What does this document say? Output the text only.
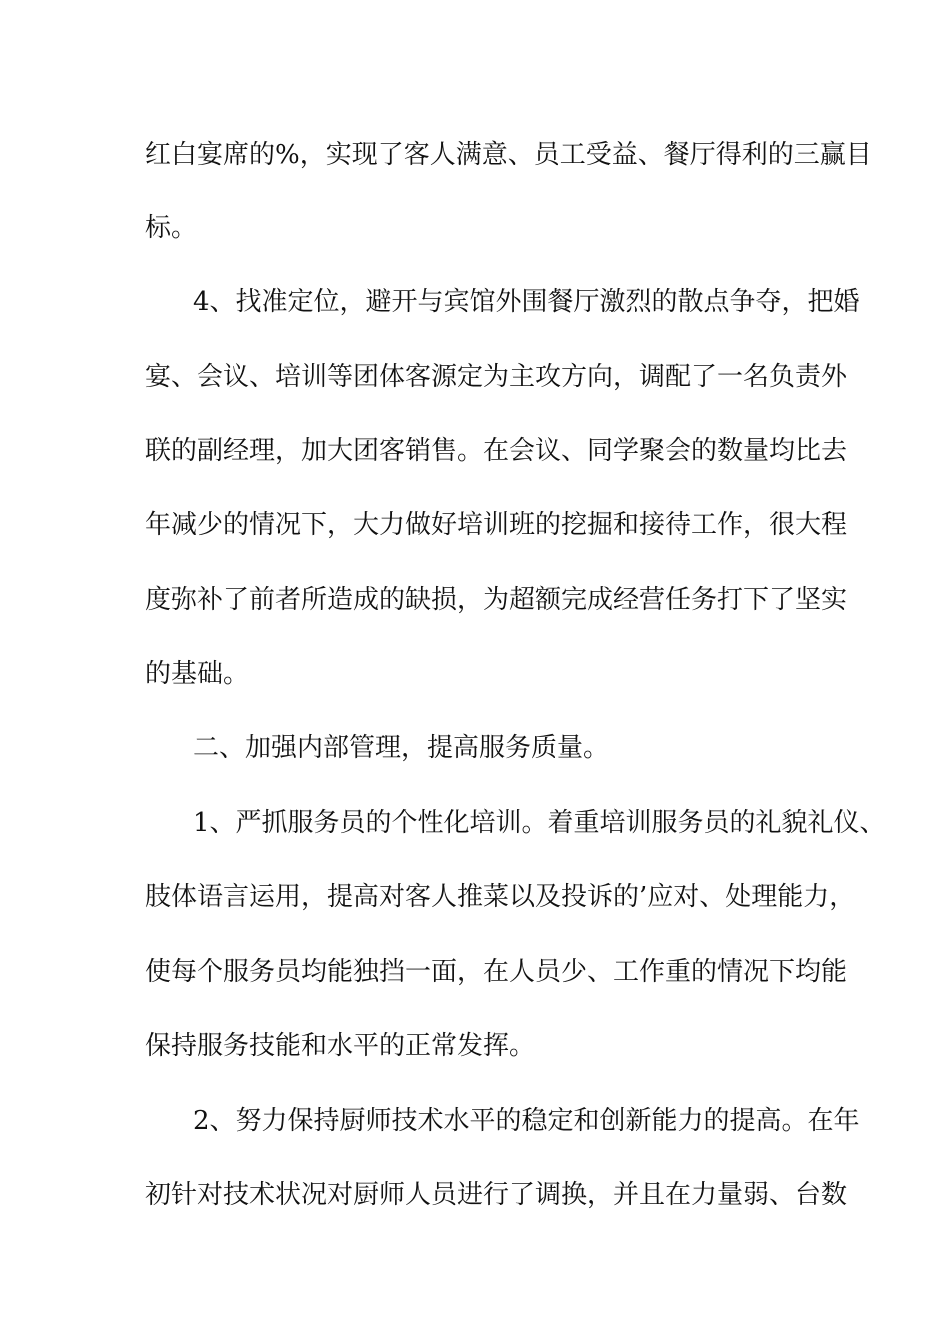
红白宴席的%，实现了客人满意、员工受益、餐厅得利的三赢目

标。

4、找准定位，避开与宾馆外围餐厅激烈的散点争夺，把婚

宴、会议、培训等团体客源定为主攻方向，调配了一名负责外

联的副经理，加大团客销售。在会议、同学聚会的数量均比去

年减少的情况下，大力做好培训班的挖掘和接待工作，很大程

度弥补了前者所造成的缺损，为超额完成经营任务打下了坚实

的基础。

二、加强内部管理，提高服务质量。

1、严抓服务员的个性化培训。着重培训服务员的礼貌礼仪、

肢体语言运用，提高对客人推菜以及投诉的’应对、处理能力，

使每个服务员均能独挡一面，在人员少、工作重的情况下均能

保持服务技能和水平的正常发挥。

2、努力保持厨师技术水平的稳定和创新能力的提高。在年

初针对技术状况对厨师人员进行了调换，并且在力量弱、台数
